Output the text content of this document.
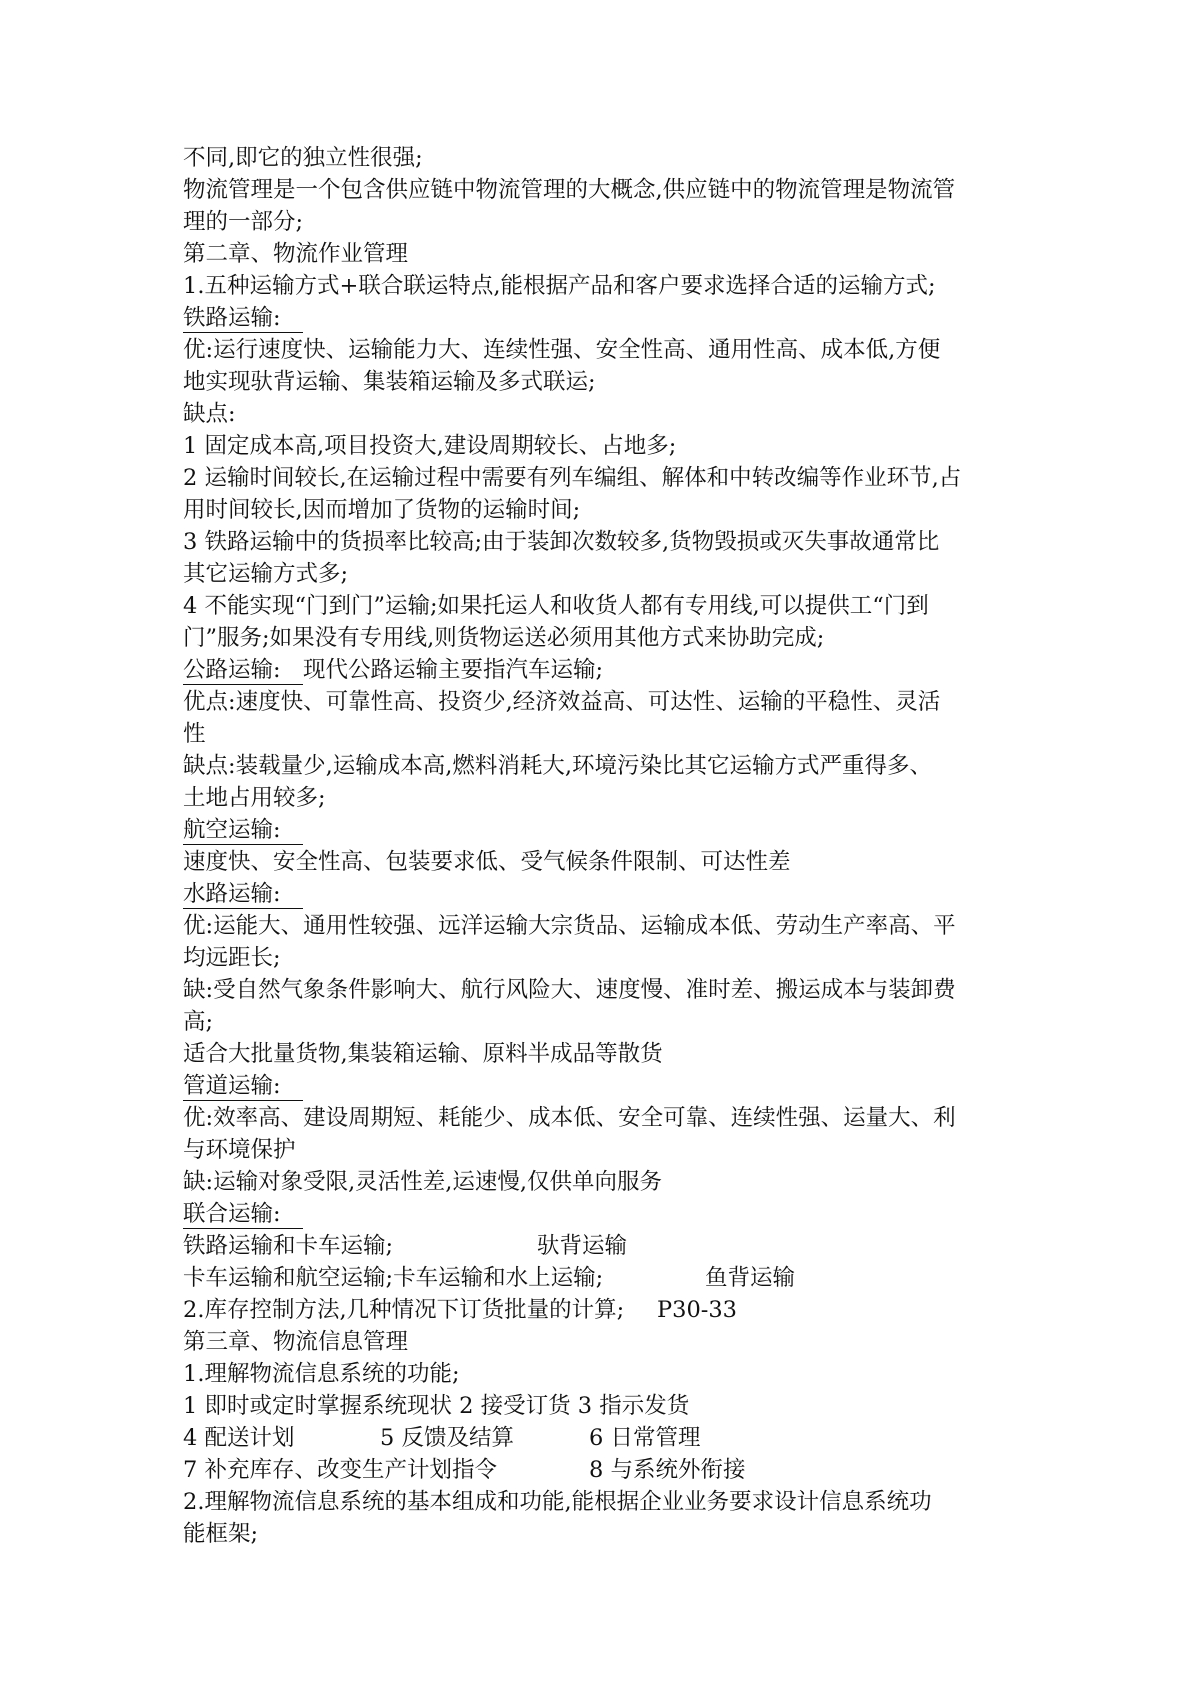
不同,即它的独立性很强;
物流管理是一个包含供应链中物流管理的大概念,供应链中的物流管理是物流管
理的一部分;
第二章、物流作业管理
1.五种运输方式+联合联运特点,能根据产品和客户要求选择合适的运输方式;
铁路运输:
优:运行速度快、运输能力大、连续性强、安全性高、通用性高、成本低,方便
地实现驮背运输、集装箱运输及多式联运;
缺点:
1 固定成本高,项目投资大,建设周期较长、占地多;
2 运输时间较长,在运输过程中需要有列车编组、解体和中转改编等作业环节,占
用时间较长,因而增加了货物的运输时间;
3 铁路运输中的货损率比较高;由于装卸次数较多,货物毁损或灭失事故通常比
其它运输方式多;
4 不能实现“门到门”运输;如果托运人和收货人都有专用线,可以提供工“门到
门”服务;如果没有专用线,则货物运送必须用其他方式来协助完成;
公路运输: 现代公路运输主要指汽车运输;
优点:速度快、可靠性高、投资少,经济效益高、可达性、运输的平稳性、灵活
性
缺点:装载量少,运输成本高,燃料消耗大,环境污染比其它运输方式严重得多、
土地占用较多;
航空运输:
速度快、安全性高、包装要求低、受气候条件限制、可达性差
水路运输:
优:运能大、通用性较强、远洋运输大宗货品、运输成本低、劳动生产率高、平
均远距长;
缺:受自然气象条件影响大、航行风险大、速度慢、准时差、搬运成本与装卸费
高;
适合大批量货物,集装箱运输、原料半成品等散货
管道运输:
优:效率高、建设周期短、耗能少、成本低、安全可靠、连续性强、运量大、利
与环境保护
缺:运输对象受限,灵活性差,运速慢,仅供单向服务
联合运输:
铁路运输和卡车运输;	驮背运输
卡车运输和航空运输;卡车运输和水上运输;	鱼背运输
2.库存控制方法,几种情况下订货批量的计算; P30-33
第三章、物流信息管理
1.理解物流信息系统的功能;
1 即时或定时掌握系统现状 2 接受订货 3 指示发货
4 配送计划	5 反馈及结算	6 日常管理
7 补充库存、改变生产计划指令	8 与系统外衔接
2.理解物流信息系统的基本组成和功能,能根据企业业务要求设计信息系统功
能框架;
